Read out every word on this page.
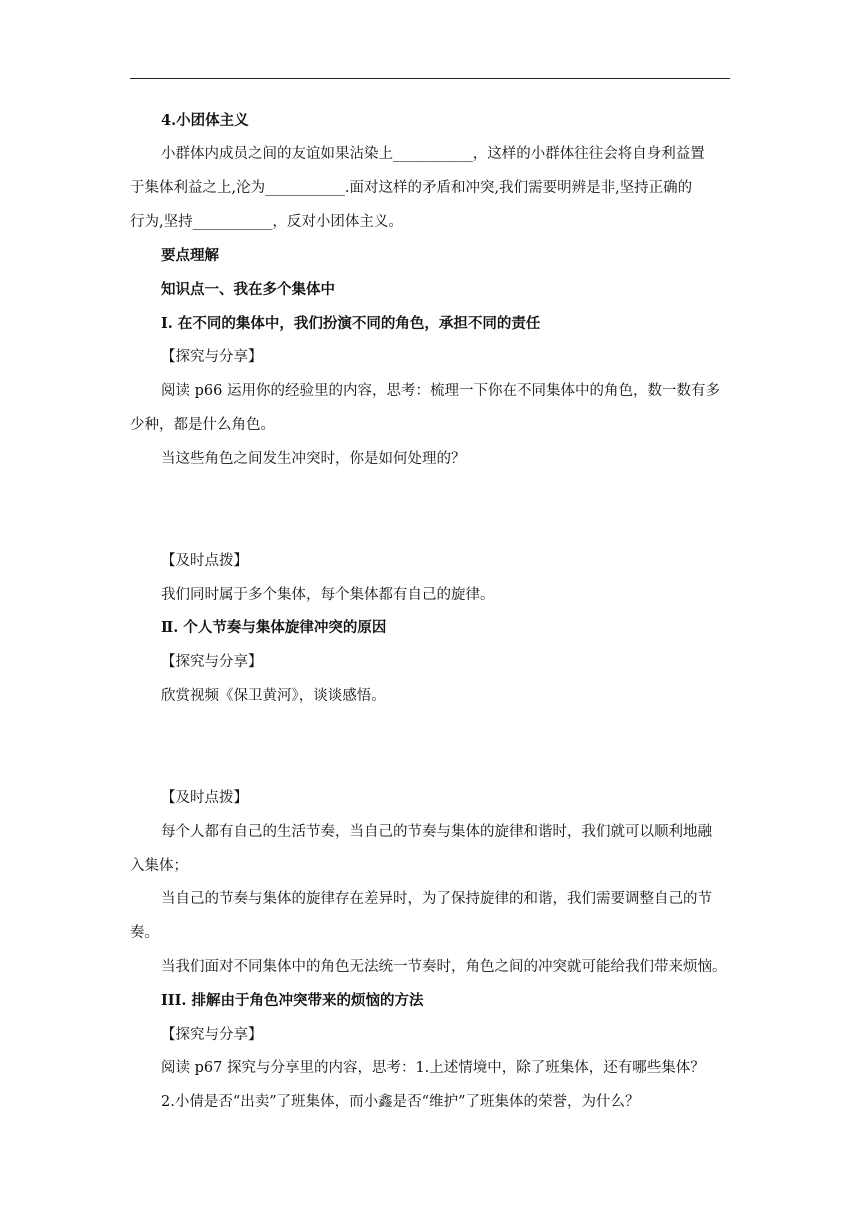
4.小团体主义
小群体内成员之间的友谊如果沾染上___________，这样的小群体往往会将自身利益置
于集体利益之上,沦为___________.面对这样的矛盾和冲突,我们需要明辨是非,坚持正确的
行为,坚持___________，反对小团体主义。
要点理解
知识点一、我在多个集体中
Ⅰ. 在不同的集体中，我们扮演不同的角色，承担不同的责任
【探究与分享】
阅读 p66 运用你的经验里的内容，思考：梳理一下你在不同集体中的角色，数一数有多
少种，都是什么角色。
当这些角色之间发生冲突时，你是如何处理的？
【及时点拨】
我们同时属于多个集体，每个集体都有自己的旋律。
Ⅱ. 个人节奏与集体旋律冲突的原因
【探究与分享】
欣赏视频《保卫黄河》，谈谈感悟。
【及时点拨】
每个人都有自己的生活节奏，当自己的节奏与集体的旋律和谐时，我们就可以顺利地融
入集体；
当自己的节奏与集体的旋律存在差异时，为了保持旋律的和谐，我们需要调整自己的节
奏。
当我们面对不同集体中的角色无法统一节奏时，角色之间的冲突就可能给我们带来烦恼。
III. 排解由于角色冲突带来的烦恼的方法
【探究与分享】
阅读 p67 探究与分享里的内容，思考：1.上述情境中，除了班集体，还有哪些集体？
2.小倩是否“出卖”了班集体，而小鑫是否“维护”了班集体的荣誉，为什么？
